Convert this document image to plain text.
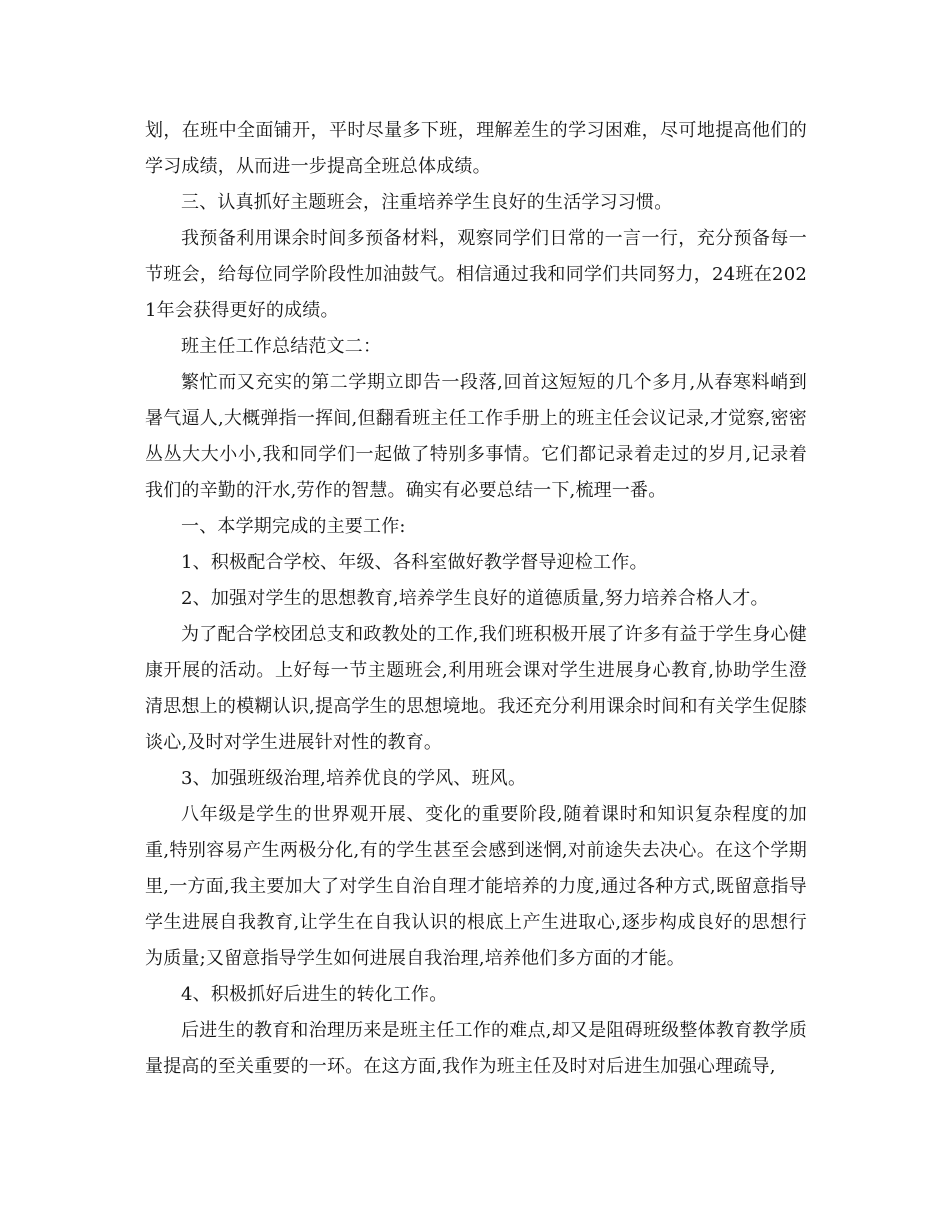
划，在班中全面铺开，平时尽量多下班，理解差生的学习困难，尽可地提高他们的学习成绩，从而进一步提高全班总体成绩。

三、认真抓好主题班会，注重培养学生良好的生活学习习惯。

我预备利用课余时间多预备材料，观察同学们日常的一言一行，充分预备每一节班会，给每位同学阶段性加油鼓气。相信通过我和同学们共同努力，24班在2021年会获得更好的成绩。

班主任工作总结范文二：

繁忙而又充实的第二学期立即告一段落,回首这短短的几个多月,从春寒料峭到暑气逼人,大概弹指一挥间,但翻看班主任工作手册上的班主任会议记录,才觉察,密密丛丛大大小小,我和同学们一起做了特别多事情。它们都记录着走过的岁月,记录着我们的辛勤的汗水,劳作的智慧。确实有必要总结一下,梳理一番。

一、本学期完成的主要工作:

1、积极配合学校、年级、各科室做好教学督导迎检工作。

2、加强对学生的思想教育,培养学生良好的道德质量,努力培养合格人才。

为了配合学校团总支和政教处的工作,我们班积极开展了许多有益于学生身心健康开展的活动。上好每一节主题班会,利用班会课对学生进展身心教育,协助学生澄清思想上的模糊认识,提高学生的思想境地。我还充分利用课余时间和有关学生促膝谈心,及时对学生进展针对性的教育。

3、加强班级治理,培养优良的学风、班风。

八年级是学生的世界观开展、变化的重要阶段,随着课时和知识复杂程度的加重,特别容易产生两极分化,有的学生甚至会感到迷惘,对前途失去决心。在这个学期里,一方面,我主要加大了对学生自治自理才能培养的力度,通过各种方式,既留意指导学生进展自我教育,让学生在自我认识的根底上产生进取心,逐步构成良好的思想行为质量;又留意指导学生如何进展自我治理,培养他们多方面的才能。

4、积极抓好后进生的转化工作。

后进生的教育和治理历来是班主任工作的难点,却又是阻碍班级整体教育教学质量提高的至关重要的一环。在这方面,我作为班主任及时对后进生加强心理疏导,
